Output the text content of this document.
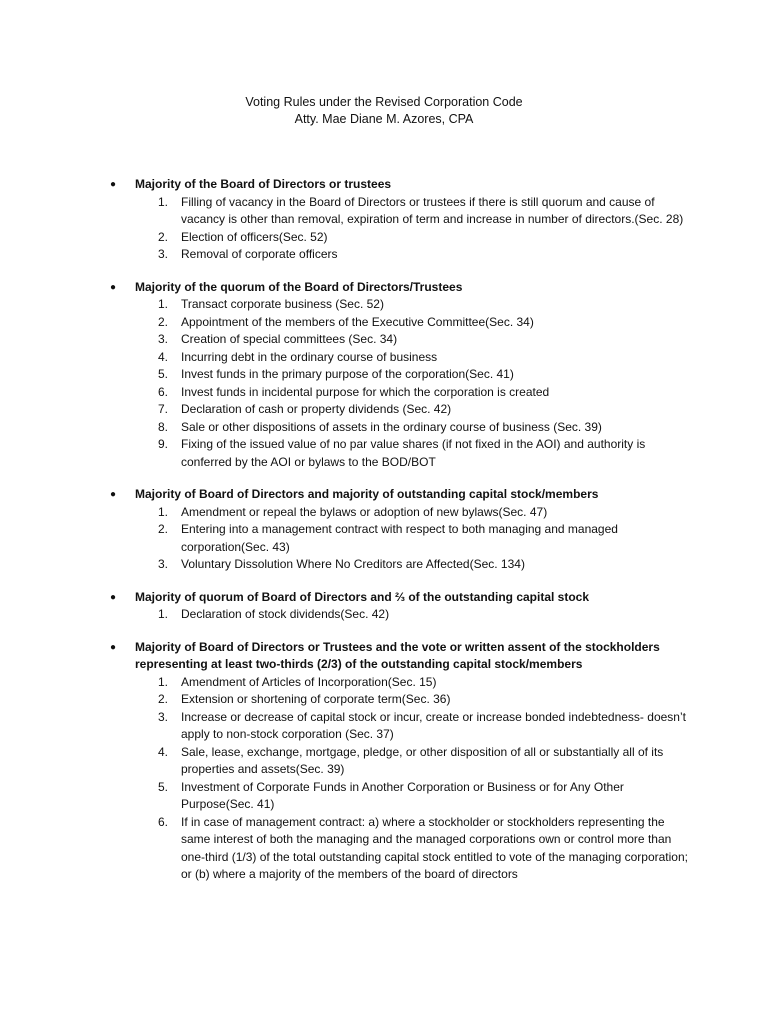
Voting Rules under the Revised Corporation Code
Atty. Mae Diane M. Azores, CPA
●	Majority of the Board of Directors or trustees
1.	Filling of vacancy in the Board of Directors or trustees if there is still quorum and cause of vacancy is other than removal, expiration of term and increase in number of directors.(Sec. 28)
2.	Election of officers(Sec. 52)
3.	Removal of corporate officers
●	Majority of the quorum of the Board of Directors/Trustees
1.	Transact corporate business (Sec. 52)
2.	Appointment of the members of the Executive Committee(Sec. 34)
3.	Creation of special committees (Sec. 34)
4.	Incurring debt in the ordinary course of business
5.	Invest funds in the primary purpose of the corporation(Sec. 41)
6.	Invest funds in incidental purpose for which the corporation is created
7.	Declaration of cash or property dividends (Sec. 42)
8.	Sale or other dispositions of assets in the ordinary course of business (Sec. 39)
9.	Fixing of the issued value of no par value shares (if not fixed in the AOI) and authority is conferred by the AOI or bylaws to the BOD/BOT
●	Majority of Board of Directors and majority of outstanding capital stock/members
1.	Amendment or repeal the bylaws or adoption of new bylaws(Sec. 47)
2.	Entering into a management contract with respect to both managing and managed corporation(Sec. 43)
3.	Voluntary Dissolution Where No Creditors are Affected(Sec. 134)
●	Majority of quorum of Board of Directors and ⅔ of the outstanding capital stock
1.	Declaration of stock dividends(Sec. 42)
●	Majority of Board of Directors or Trustees and the vote or written assent of the stockholders representing at least two-thirds (2/3) of the outstanding capital stock/members
1.	Amendment of Articles of Incorporation(Sec. 15)
2.	Extension or shortening of corporate term(Sec. 36)
3.	Increase or decrease of capital stock or incur, create or increase bonded indebtedness- doesn’t apply to non-stock corporation (Sec. 37)
4.	Sale, lease, exchange, mortgage, pledge, or other disposition of all or substantially all of its properties and assets(Sec. 39)
5.	Investment of Corporate Funds in Another Corporation or Business or for Any Other Purpose(Sec. 41)
6.	If in case of management contract: a) where a stockholder or stockholders representing the same interest of both the managing and the managed corporations own or control more than one-third (1/3) of the total outstanding capital stock entitled to vote of the managing corporation; or (b) where a majority of the members of the board of directors
